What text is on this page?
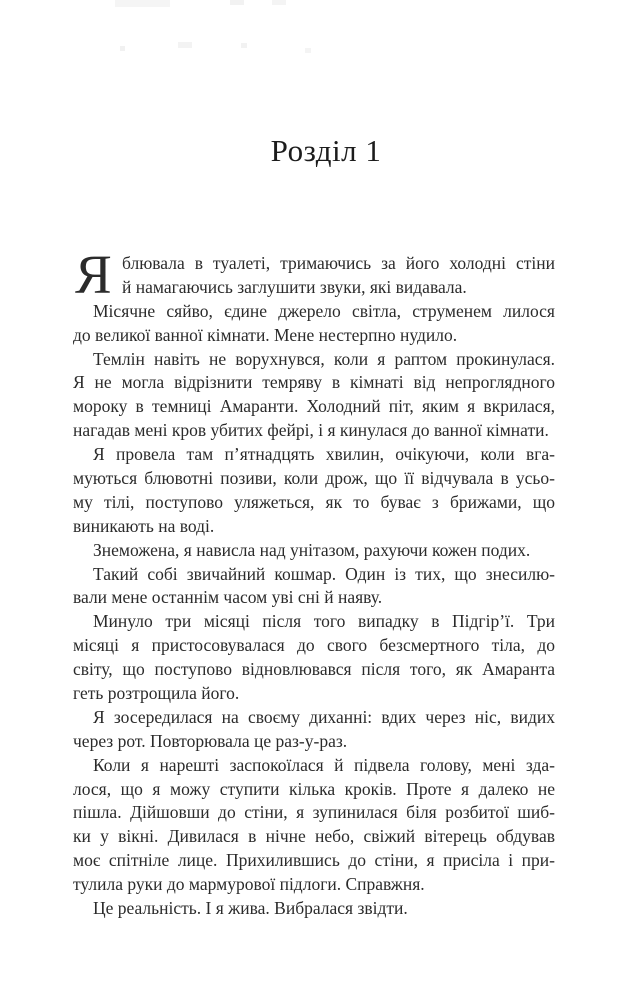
Розділ 1
Я блювала в туалеті, тримаючись за його холодні стіни
й намагаючись заглушити звуки, які видавала.
Місячне сяйво, єдине джерело світла, струменем лилося
до великої ванної кімнати. Мене нестерпно нудило.
Темлін навіть не ворухнувся, коли я раптом прокинулася.
Я не могла відрізнити темряву в кімнаті від непроглядного
мороку в темниці Амаранти. Холодний піт, яким я вкрилася,
нагадав мені кров убитих фейрі, і я кинулася до ванної кімнати.
Я провела там п’ятнадцять хвилин, очікуючи, коли вга-
муються блювотні позиви, коли дрож, що її відчувала в усьо-
му тілі, поступово уляжеться, як то буває з брижами, що
виникають на воді.
Знеможена, я нависла над унітазом, рахуючи кожен подих.
Такий собі звичайний кошмар. Один із тих, що знесилю-
вали мене останнім часом уві сні й наяву.
Минуло три місяці після того випадку в Підгір’ї. Три
місяці я пристосовувалася до свого безсмертного тіла, до
світу, що поступово відновлювався після того, як Амаранта
геть розтрощила його.
Я зосередилася на своєму диханні: вдих через ніс, видих
через рот. Повторювала це раз-у-раз.
Коли я нарешті заспокоїлася й підвела голову, мені зда-
лося, що я можу ступити кілька кроків. Проте я далеко не
пішла. Дійшовши до стіни, я зупинилася біля розбитої шиб-
ки у вікні. Дивилася в нічне небо, свіжий вітерець обдував
моє спітніле лице. Прихилившись до стіни, я присіла і при-
тулила руки до мармурової підлоги. Справжня.
Це реальність. І я жива. Вибралася звідти.
